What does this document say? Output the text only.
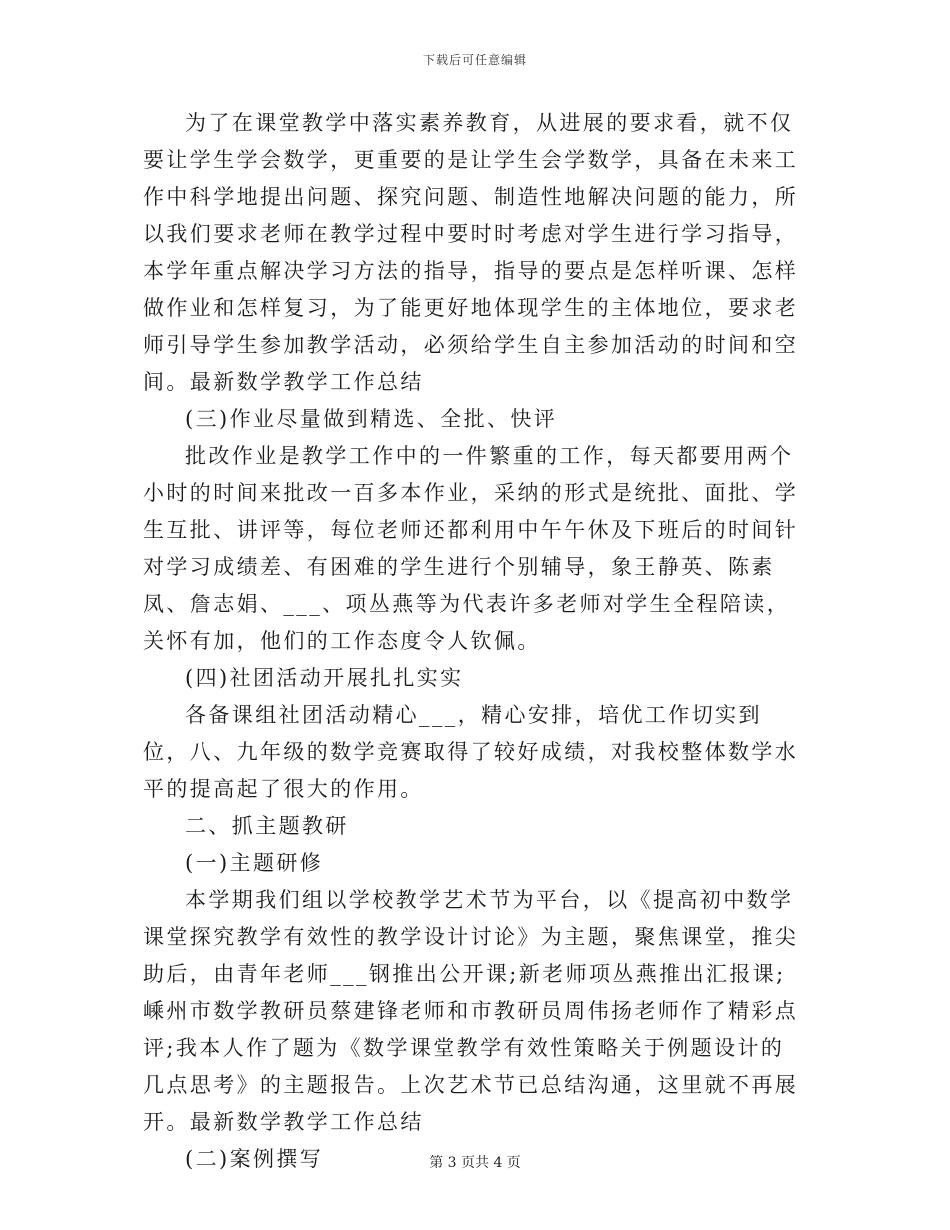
下载后可任意编辑

为了在课堂教学中落实素养教育，从进展的要求看，就不仅要让学生学会数学，更重要的是让学生会学数学，具备在未来工作中科学地提出问题、探究问题、制造性地解决问题的能力，所以我们要求老师在教学过程中要时时考虑对学生进行学习指导，本学年重点解决学习方法的指导，指导的要点是怎样听课、怎样做作业和怎样复习，为了能更好地体现学生的主体地位，要求老师引导学生参加教学活动，必须给学生自主参加活动的时间和空间。最新数学教学工作总结

(三)作业尽量做到精选、全批、快评

批改作业是教学工作中的一件繁重的工作，每天都要用两个小时的时间来批改一百多本作业，采纳的形式是统批、面批、学生互批、讲评等，每位老师还都利用中午午休及下班后的时间针对学习成绩差、有困难的学生进行个别辅导，象王静英、陈素凤、詹志娟、___、项丛燕等为代表许多老师对学生全程陪读，关怀有加，他们的工作态度令人钦佩。

(四)社团活动开展扎扎实实

各备课组社团活动精心___，精心安排，培优工作切实到位，八、九年级的数学竞赛取得了较好成绩，对我校整体数学水平的提高起了很大的作用。

二、抓主题教研

(一)主题研修

本学期我们组以学校教学艺术节为平台，以《提高初中数学课堂探究教学有效性的教学设计讨论》为主题，聚焦课堂，推尖助后，由青年老师___钢推出公开课;新老师项丛燕推出汇报课;嵊州市数学教研员蔡建锋老师和市教研员周伟扬老师作了精彩点评;我本人作了题为《数学课堂教学有效性策略关于例题设计的几点思考》的主题报告。上次艺术节已总结沟通，这里就不再展开。最新数学教学工作总结

(二)案例撰写	第 3 页共 4 页
